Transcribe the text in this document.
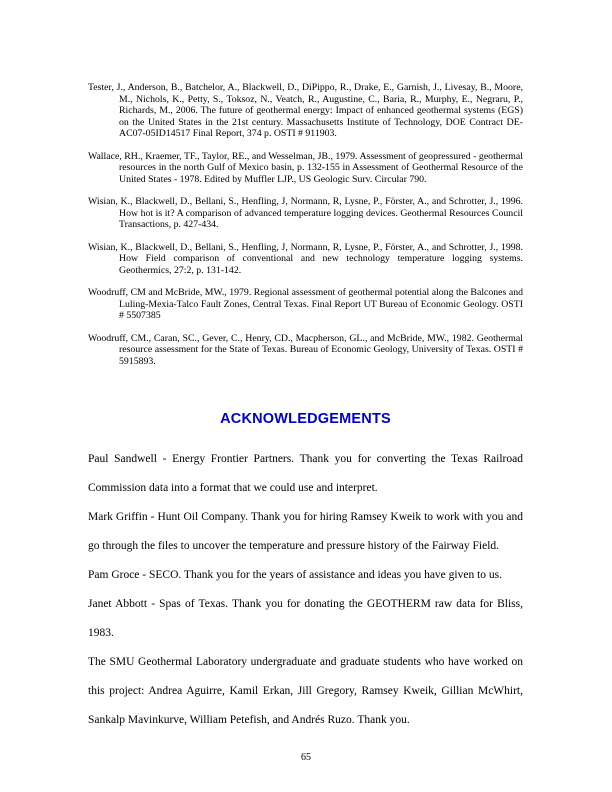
Tester, J., Anderson, B., Batchelor, A., Blackwell, D., DiPippo, R., Drake, E., Garnish, J., Livesay, B., Moore, M., Nichols, K., Petty, S., Toksoz, N., Veatch, R., Augustine, C., Baria, R., Murphy, E., Negraru, P., Richards, M., 2006. The future of geothermal energy: Impact of enhanced geothermal systems (EGS) on the United States in the 21st century. Massachusetts Institute of Technology, DOE Contract DE-AC07-05ID14517 Final Report, 374 p. OSTI # 911903.

Wallace, RH., Kraemer, TF., Taylor, RE., and Wesselman, JB., 1979. Assessment of geopressured - geothermal resources in the north Gulf of Mexico basin, p. 132-155 in Assessment of Geothermal Resource of the United States - 1978. Edited by Muffler LJP., US Geologic Surv. Circular 790.

Wisian, K., Blackwell, D., Bellani, S., Henfling, J, Normann, R, Lysne, P., Förster, A., and Schrotter, J., 1996. How hot is it? A comparison of advanced temperature logging devices. Geothermal Resources Council Transactions, p. 427-434.

Wisian, K., Blackwell, D., Bellani, S., Henfling, J, Normann, R, Lysne, P., Förster, A., and Schrotter, J., 1998. How Field comparison of conventional and new technology temperature logging systems. Geothermics, 27:2, p. 131-142.

Woodruff, CM and McBride, MW., 1979. Regional assessment of geothermal potential along the Balcones and Luling-Mexia-Talco Fault Zones, Central Texas. Final Report UT Bureau of Economic Geology. OSTI # 5507385

Woodruff, CM., Caran, SC., Gever, C., Henry, CD., Macpherson, GL., and McBride, MW., 1982. Geothermal resource assessment for the State of Texas. Bureau of Economic Geology, University of Texas. OSTI # 5915893.

ACKNOWLEDGEMENTS

Paul Sandwell - Energy Frontier Partners. Thank you for converting the Texas Railroad Commission data into a format that we could use and interpret.

Mark Griffin - Hunt Oil Company. Thank you for hiring Ramsey Kweik to work with you and go through the files to uncover the temperature and pressure history of the Fairway Field.

Pam Groce - SECO. Thank you for the years of assistance and ideas you have given to us.

Janet Abbott - Spas of Texas. Thank you for donating the GEOTHERM raw data for Bliss, 1983.

The SMU Geothermal Laboratory undergraduate and graduate students who have worked on this project: Andrea Aguirre, Kamil Erkan, Jill Gregory, Ramsey Kweik, Gillian McWhirt, Sankalp Mavinkurve, William Petefish, and Andrés Ruzo. Thank you.

65
